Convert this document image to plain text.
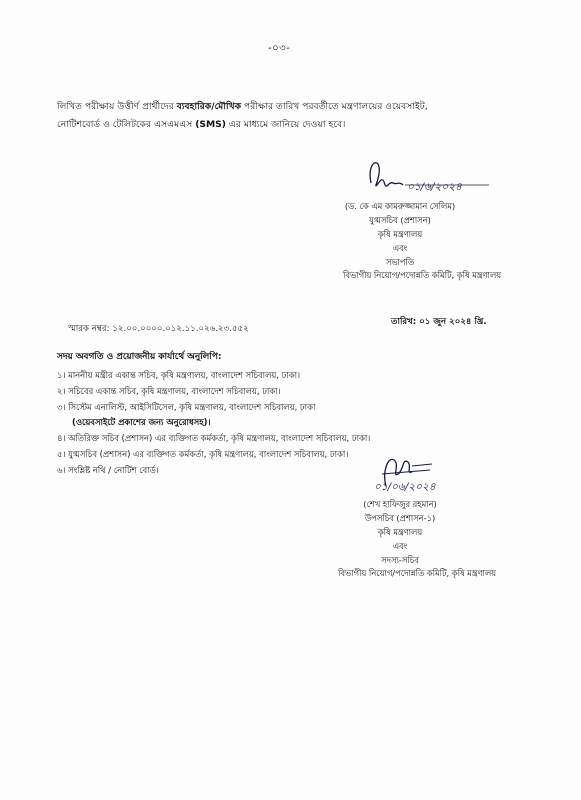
-০৩-
লিখিত পরীক্ষায় উত্তীর্ণ প্রার্থীদের ব্যবহারিক/মৌখিক পরীক্ষার তারিখ পরবর্তীতে মন্ত্রণালয়ের ওয়েবসাইট,
নোটিশবোর্ড ও টেলিটকের এসএমএস (SMS) এর মাধ্যমে জানিয়ে দেওয়া হবে।
০১/৬/২০২৪
(ড. কে এম কামরুজ্জামান সেলিম)
যুগ্মসচিব (প্রশাসন)
কৃষি মন্ত্রণালয়
এবং
সভাপতি
বিভাগীয় নিয়োগ/পদোন্নতি কমিটি, কৃষি মন্ত্রণালয়
স্মারক নম্বর: ১২.০০.০০০০.০১২.১১.০২৬.২৩.৫৫২
তারিখ: ০১ জুন ২০২৪ খ্রি.
সদয় অবগতি ও প্রয়োজনীয় কার্যার্থে অনুলিপি:
১। মাননীয় মন্ত্রীর একান্ত সচিব, কৃষি মন্ত্রণালয়, বাংলাদেশ সচিবালয়, ঢাকা।
২। সচিবের একান্ত সচিব, কৃষি মন্ত্রণালয়, বাংলাদেশ সচিবালয়, ঢাকা।
৩। সিস্টেম এনালিস্ট, আইসিটিসেল, কৃষি মন্ত্রণালয়, বাংলাদেশ সচিবালয়, ঢাকা
(ওয়েবসাইটে প্রকাশের জন্য অনুরোধসহ)।
৪। অতিরিক্ত সচিব (প্রশাসন) এর ব্যক্তিগত কর্মকর্তা, কৃষি মন্ত্রণালয়, বাংলাদেশ সচিবালয়, ঢাকা।
৫। যুগ্মসচিব (প্রশাসন) এর ব্যক্তিগত কর্মকর্তা, কৃষি মন্ত্রণালয়, বাংলাদেশ সচিবালয়, ঢাকা।
৬। সংশ্লিষ্ট নথি / নোটিশ বোর্ড।
০১/০৬/২০২৪
(শেখ হাফিজুর রহমান)
উপসচিব (প্রশাসন-১)
কৃষি মন্ত্রণালয়
এবং
সদস্য-সচিব
বিভাগীয় নিয়োগ/পদোন্নতি কমিটি, কৃষি মন্ত্রণালয়
